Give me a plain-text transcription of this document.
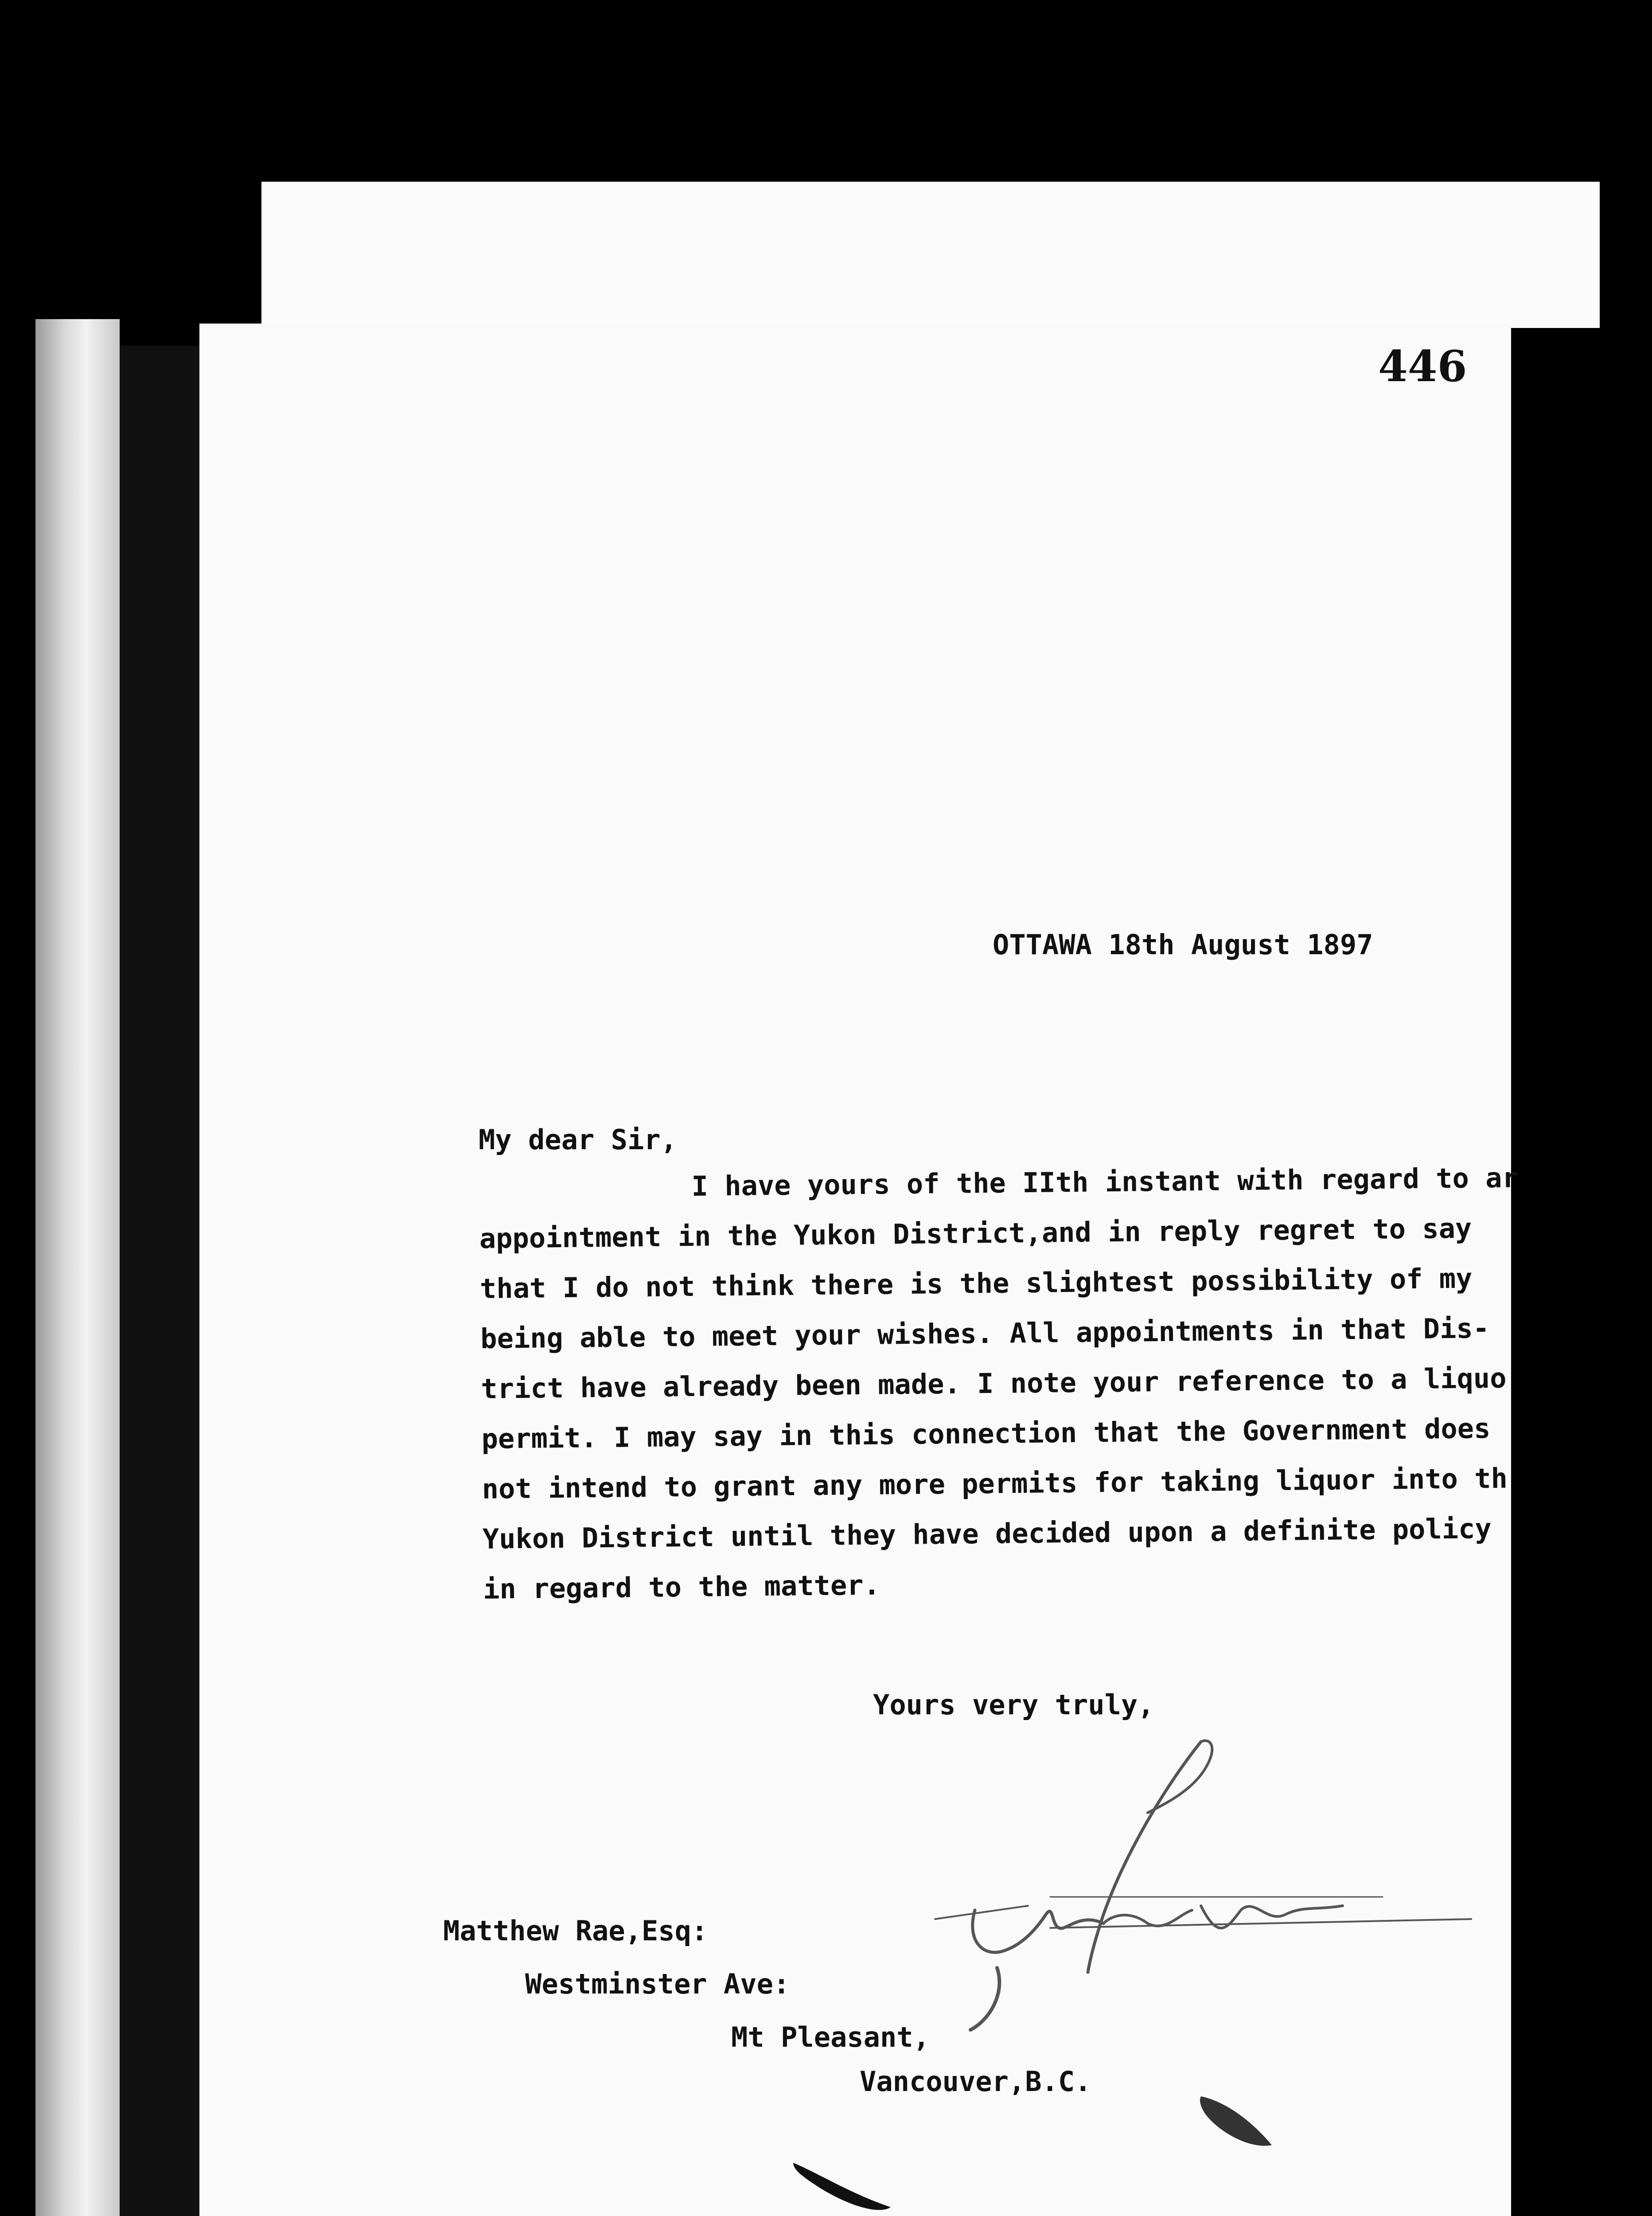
446

OTTAWA 18th August 1897

My dear Sir,

I have yours of the IIth instant with regard to ar

appointment in the Yukon District,and in reply regret to say

that I do not think there is the slightest possibility of my

being able to meet your wishes. All appointments in that Dis-

trict have already been made. I note your reference to a liquo

permit. I may say in this connection that the Government does

not intend to grant any more permits for taking liquor into th

Yukon District until they have decided upon a definite policy

in regard to the matter.

Yours very truly,

Matthew Rae,Esq:

Westminster Ave:

Mt Pleasant,

Vancouver,B.C.
